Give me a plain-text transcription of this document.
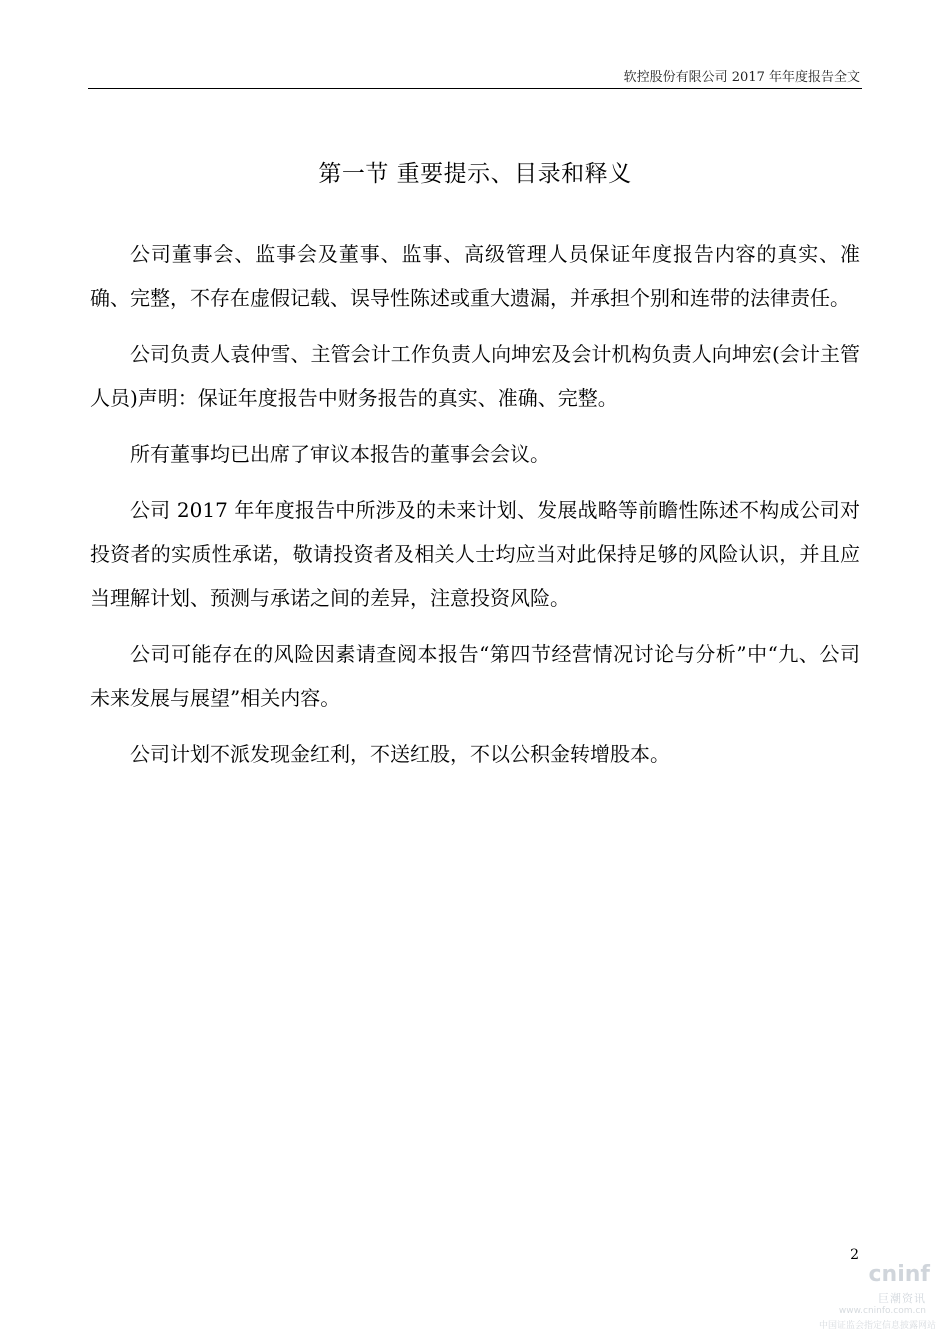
软控股份有限公司 2017 年年度报告全文
第一节 重要提示、目录和释义

公司董事会、监事会及董事、监事、高级管理人员保证年度报告内容的真实、准确、完整，不存在虚假记载、误导性陈述或重大遗漏，并承担个别和连带的法律责任。

公司负责人袁仲雪、主管会计工作负责人向坤宏及会计机构负责人向坤宏(会计主管人员)声明：保证年度报告中财务报告的真实、准确、完整。

所有董事均已出席了审议本报告的董事会会议。

公司 2017 年年度报告中所涉及的未来计划、发展战略等前瞻性陈述不构成公司对投资者的实质性承诺，敬请投资者及相关人士均应当对此保持足够的风险认识，并且应当理解计划、预测与承诺之间的差异，注意投资风险。

公司可能存在的风险因素请查阅本报告“第四节经营情况讨论与分析”中“九、公司未来发展与展望”相关内容。

公司计划不派发现金红利，不送红股，不以公积金转增股本。

2
cninf
巨潮资讯
www.cninfo.com.cn
中国证监会指定信息披露网站
